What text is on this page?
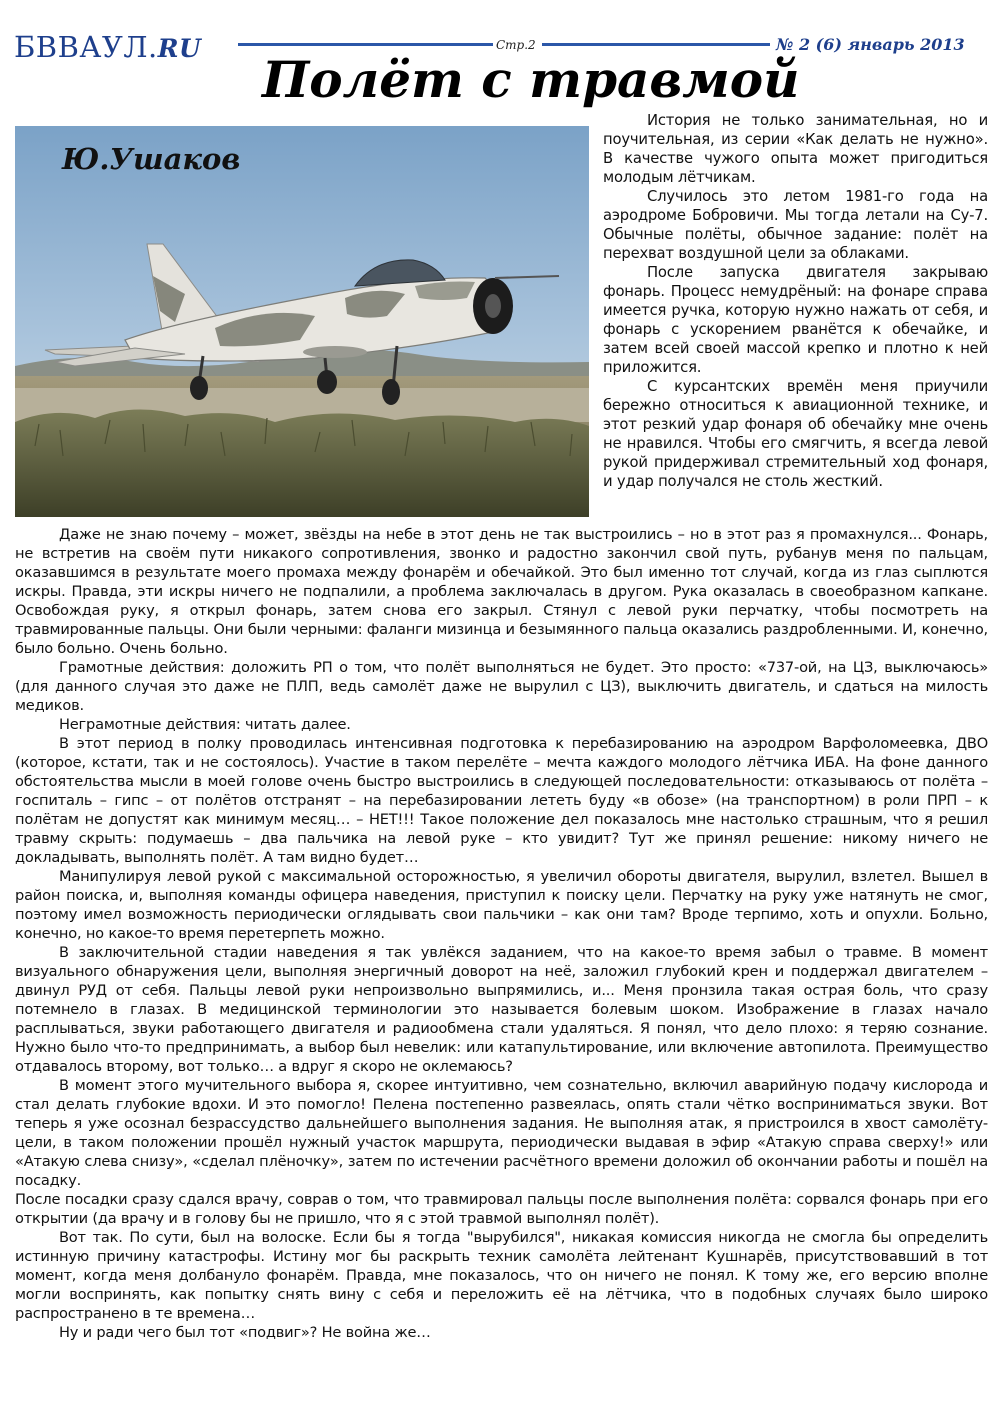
БВВАУЛ.RU	Стр.2	№ 2 (6) январь 2013
Полёт с травмой
Ю.Ушаков

История не только занимательная, но и поучительная, из серии «Как делать не нужно». В качестве чужого опыта может пригодиться молодым лётчикам.

Случилось это летом 1981-го года на аэродроме Бобровичи. Мы тогда летали на Су-7. Обычные полёты, обычное задание: полёт на перехват воздушной цели за облаками.

После запуска двигателя закрываю фонарь. Процесс немудрёный: на фонаре справа имеется ручка, которую нужно нажать от себя, и фонарь с ускорением рванётся к обечайке, и затем всей своей массой крепко и плотно к ней приложится.

С курсантских времён меня приучили бережно относиться к авиационной технике, и этот резкий удар фонаря об обечайку мне очень не нравился. Чтобы его смягчить, я всегда левой рукой придерживал стремительный ход фонаря, и удар получался не столь жесткий.

Даже не знаю почему – может, звёзды на небе в этот день не так выстроились – но в этот раз я промахнулся... Фонарь, не встретив на своём пути никакого сопротивления, звонко и радостно закончил свой путь, рубанув меня по пальцам, оказавшимся в результате моего промаха между фонарём и обечайкой. Это был именно тот случай, когда из глаз сыплются искры. Правда, эти искры ничего не подпалили, а проблема заключалась в другом. Рука оказалась в своеобразном капкане. Освобождая руку, я открыл фонарь, затем снова его закрыл. Стянул с левой руки перчатку, чтобы посмотреть на травмированные пальцы. Они были черными: фаланги мизинца и безымянного пальца оказались раздробленными. И, конечно, было больно. Очень больно.

Грамотные действия: доложить РП о том, что полёт выполняться не будет. Это просто: «737-ой, на ЦЗ, выключаюсь» (для данного случая это даже не ПЛП, ведь самолёт даже не вырулил с ЦЗ), выключить двигатель, и сдаться на милость медиков.

Неграмотные действия: читать далее.

В этот период в полку проводилась интенсивная подготовка к перебазированию на аэродром Варфоломеевка, ДВО (которое, кстати, так и не состоялось). Участие в таком перелёте – мечта каждого молодого лётчика ИБА. На фоне данного обстоятельства мысли в моей голове очень быстро выстроились в следующей последовательности: отказываюсь от полёта – госпиталь – гипс – от полётов отстранят – на перебазировании лететь буду «в обозе» (на транспортном) в роли ПРП – к полётам не допустят как минимум месяц… – НЕТ!!! Такое положение дел показалось мне настолько страшным, что я решил травму скрыть: подумаешь – два пальчика на левой руке – кто увидит? Тут же принял решение: никому ничего не докладывать, выполнять полёт. А там видно будет…

Манипулируя левой рукой с максимальной осторожностью, я увеличил обороты двигателя, вырулил, взлетел. Вышел в район поиска, и, выполняя команды офицера наведения, приступил к поиску цели. Перчатку на руку уже натянуть не смог, поэтому имел возможность периодически оглядывать свои пальчики – как они там? Вроде терпимо, хоть и опухли. Больно, конечно, но какое-то время перетерпеть можно.

В заключительной стадии наведения я так увлёкся заданием, что на какое-то время забыл о травме. В момент визуального обнаружения цели, выполняя энергичный доворот на неё, заложил глубокий крен и поддержал двигателем – двинул РУД от себя. Пальцы левой руки непроизвольно выпрямились, и... Меня пронзила такая острая боль, что сразу потемнело в глазах. В медицинской терминологии это называется болевым шоком. Изображение в глазах начало расплываться, звуки работающего двигателя и радиообмена стали удаляться. Я понял, что дело плохо: я теряю сознание. Нужно было что-то предпринимать, а выбор был невелик: или катапультирование, или включение автопилота. Преимущество отдавалось второму, вот только… а вдруг я скоро не оклемаюсь?

В момент этого мучительного выбора я, скорее интуитивно, чем сознательно, включил аварийную подачу кислорода и стал делать глубокие вдохи. И это помогло! Пелена постепенно развеялась, опять стали чётко восприниматься звуки. Вот теперь я уже осознал безрассудство дальнейшего выполнения задания. Не выполняя атак, я пристроился в хвост самолёту-цели, в таком положении прошёл нужный участок маршрута, периодически выдавая в эфир «Атакую справа сверху!» или «Атакую слева снизу», «сделал плёночку», затем по истечении расчётного времени доложил об окончании работы и пошёл на посадку.

После посадки сразу сдался врачу, соврав о том, что травмировал пальцы после выполнения полёта: сорвался фонарь при его открытии (да врачу и в голову бы не пришло, что я с этой травмой выполнял полёт).

Вот так. По сути, был на волоске. Если бы я тогда "вырубился", никакая комиссия никогда не смогла бы определить истинную причину катастрофы. Истину мог бы раскрыть техник самолёта лейтенант Кушнарёв, присутствовавший в тот момент, когда меня долбануло фонарём. Правда, мне показалось, что он ничего не понял. К тому же, его версию вполне могли воспринять, как попытку снять вину с себя и переложить её на лётчика, что в подобных случаях было широко распространено в те времена…

Ну и ради чего был тот «подвиг»? Не война же…
